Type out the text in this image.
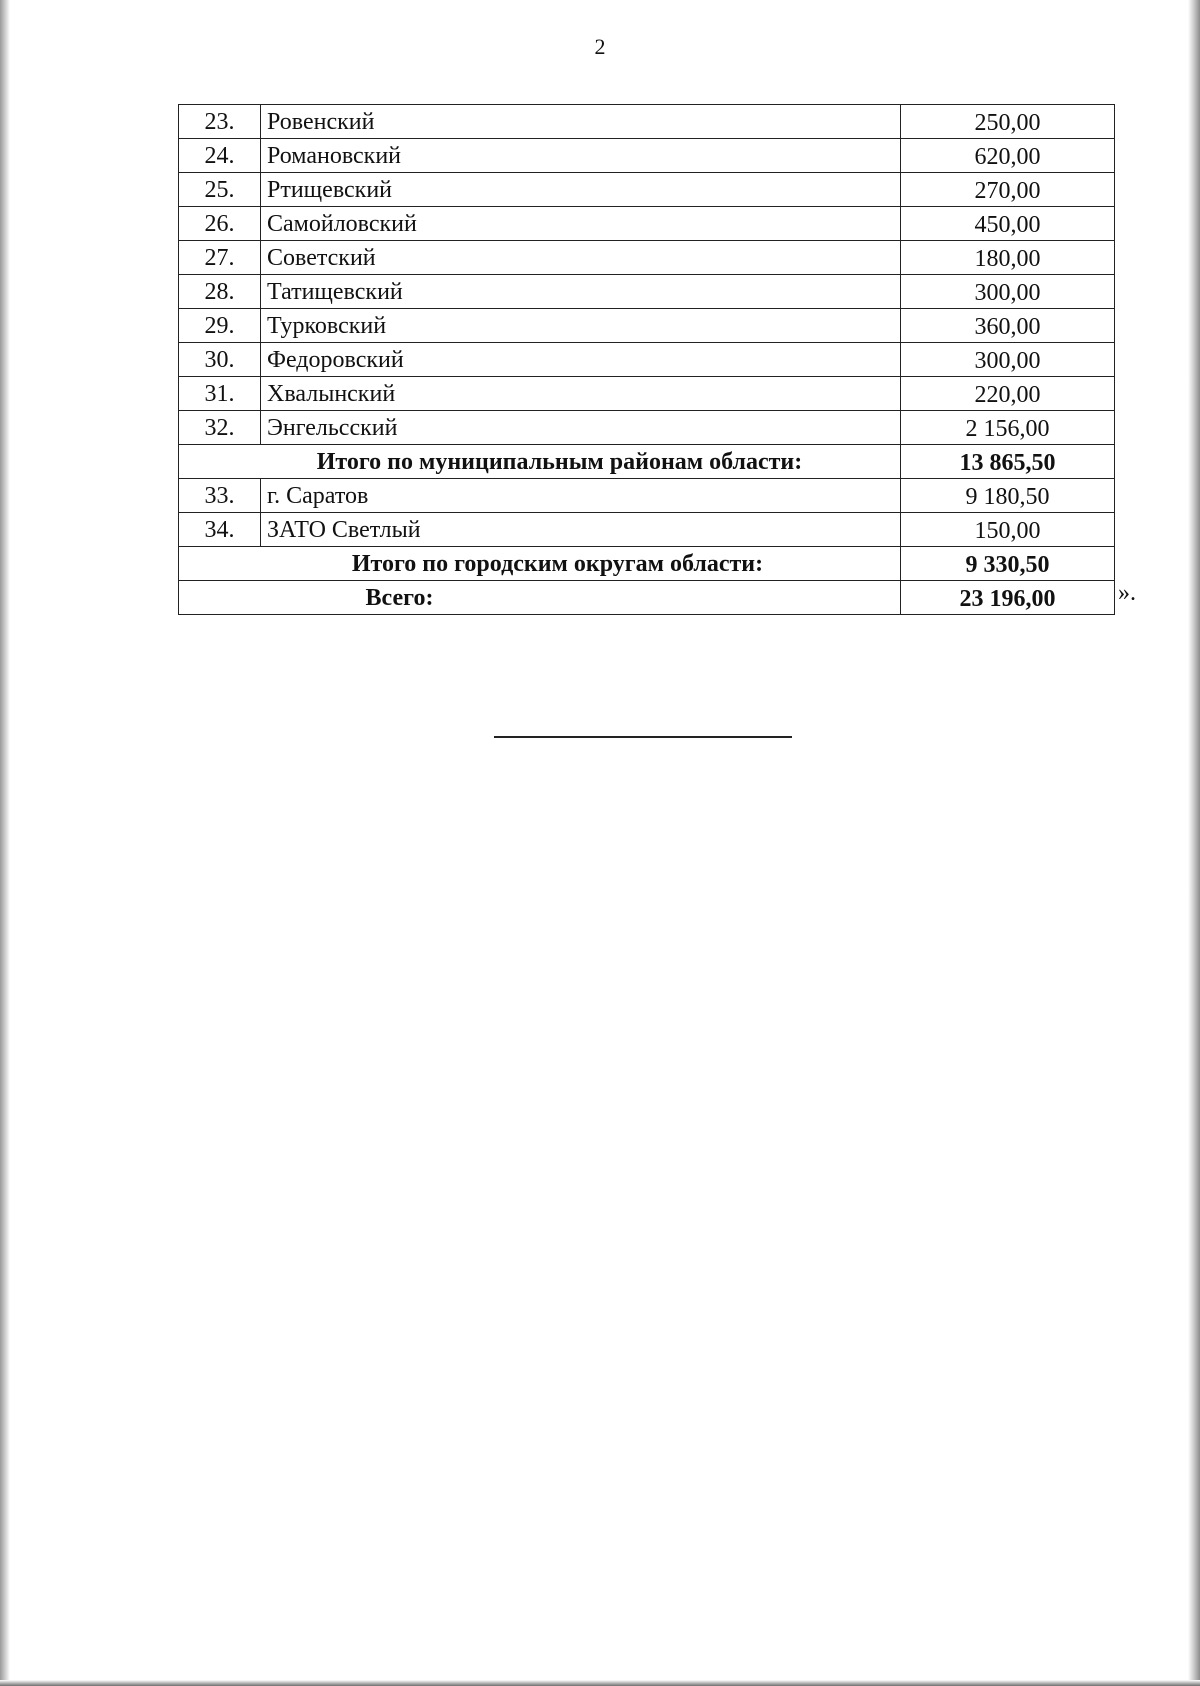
2
23.	Ровенский	250,00
24.	Романовский	620,00
25.	Ртищевский	270,00
26.	Самойловский	450,00
27.	Советский	180,00
28.	Татищевский	300,00
29.	Турковский	360,00
30.	Федоровский	300,00
31.	Хвалынский	220,00
32.	Энгельсский	2 156,00
Итого по муниципальным районам области:		13 865,50
33.	г. Саратов	9 180,50
34.	ЗАТО Светлый	150,00
Итого по городским округам области:		9 330,50
Всего:		23 196,00	».
